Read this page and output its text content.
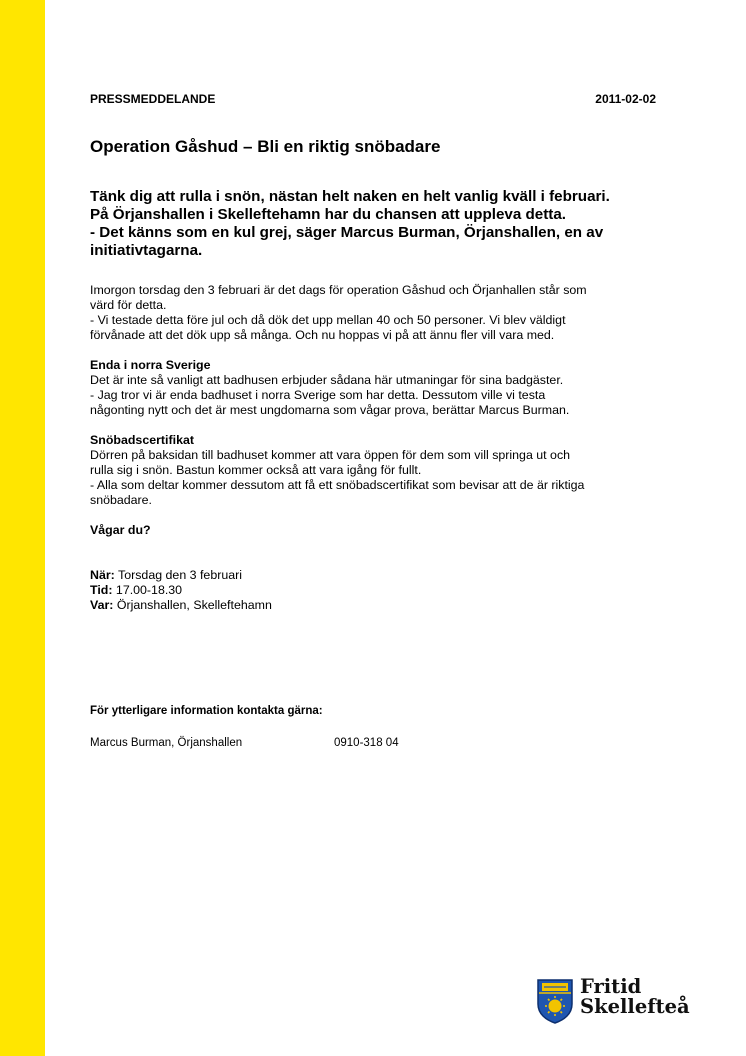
PRESSMEDDELANDE	2011-02-02
Operation Gåshud – Bli en riktig snöbadare
Tänk dig att rulla i snön, nästan helt naken en helt vanlig kväll i februari.
På Örjanshallen i Skelleftehamn har du chansen att uppleva detta.
- Det känns som en kul grej, säger Marcus Burman, Örjanshallen, en av
initiativtagarna.

Imorgon torsdag den 3 februari är det dags för operation Gåshud och Örjanhallen står som

värd för detta.

- Vi testade detta före jul och då dök det upp mellan 40 och 50 personer. Vi blev väldigt

förvånade att det dök upp så många. Och nu hoppas vi på att ännu fler vill vara med.

Enda i norra Sverige

Det är inte så vanligt att badhusen erbjuder sådana här utmaningar för sina badgäster.

- Jag tror vi är enda badhuset i norra Sverige som har detta. Dessutom ville vi testa

någonting nytt och det är mest ungdomarna som vågar prova, berättar Marcus Burman.

Snöbadscertifikat

Dörren på baksidan till badhuset kommer att vara öppen för dem som vill springa ut och

rulla sig i snön. Bastun kommer också att vara igång för fullt.

- Alla som deltar kommer dessutom att få ett snöbadscertifikat som bevisar att de är riktiga

snöbadare.

Vågar du?

När: Torsdag den 3 februari

Tid: 17.00-18.30

Var: Örjanshallen, Skelleftehamn

För ytterligare information kontakta gärna:
Marcus Burman, Örjanshallen	0910-318 04
Fritid
Skellefteå
